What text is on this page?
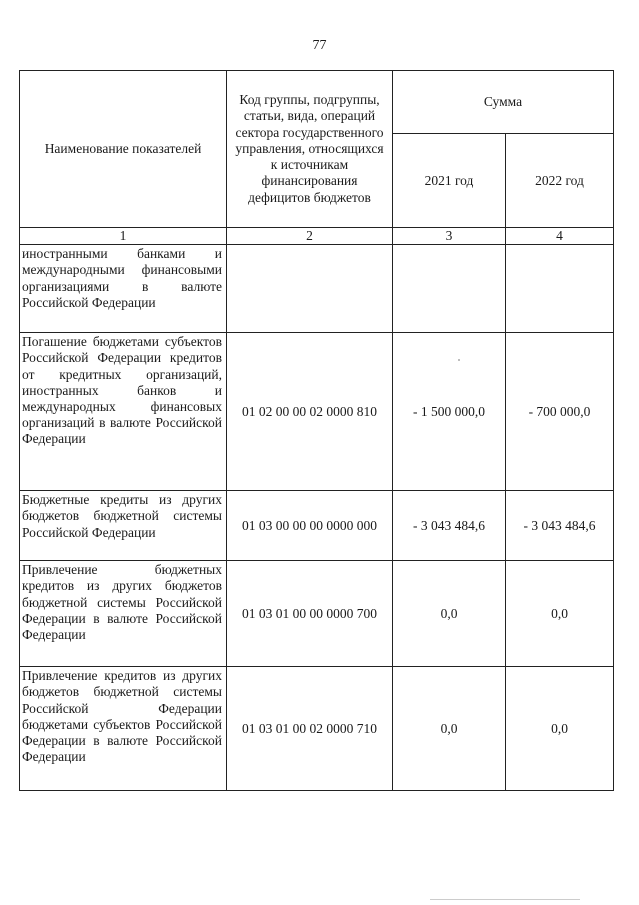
77
Наименование показателей	Код группы, подгруппы, статьи, вида, операций сектора государственного управления, относящихся к источникам финансирования дефицитов бюджетов	Сумма	
		2021 год	2022 год
1	2	3	4
иностранными банками и международными финансовыми организациями в валюте Российской Федерации			
Погашение бюджетами субъектов Российской Федерации кредитов от кредитных организаций, иностранных банков и международных финансовых организаций в валюте Российской Федерации	01 02 00 00 02 0000 810	- 1 500 000,0	- 700 000,0
Бюджетные кредиты из других бюджетов бюджетной системы Российской Федерации	01 03 00 00 00 0000 000	- 3 043 484,6	- 3 043 484,6
Привлечение бюджетных кредитов из других бюджетов бюджетной системы Российской Федерации в валюте Российской Федерации	01 03 01 00 00 0000 700	0,0	0,0
Привлечение кредитов из других бюджетов бюджетной системы Российской Федерации бюджетами субъектов Российской Федерации в валюте Российской Федерации	01 03 01 00 02 0000 710	0,0	0,0
